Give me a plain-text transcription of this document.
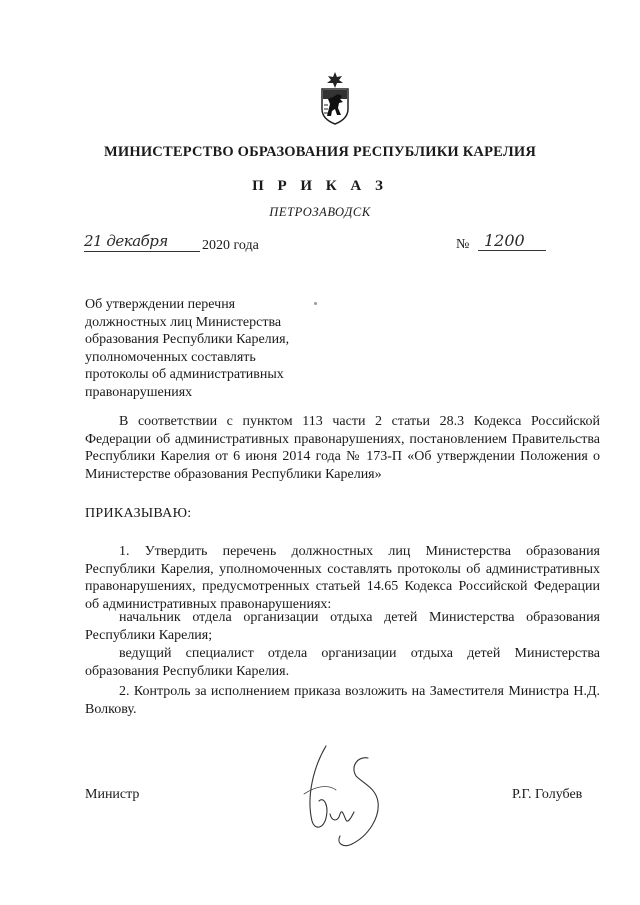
МИНИСТЕРСТВО ОБРАЗОВАНИЯ РЕСПУБЛИКИ КАРЕЛИЯ
П Р И К А З
ПЕТРОЗАВОДСК
21 декабря	2020 года	№ 1200
Об утверждении перечня
должностных лиц Министерства
образования Республики Карелия,
уполномоченных составлять
протоколы об административных
правонарушениях
В соответствии с пунктом 113 части 2 статьи 28.3 Кодекса Российской Федерации об административных правонарушениях, постановлением Правительства Республики Карелия от 6 июня 2014 года № 173-П «Об утверждении Положения о Министерстве образования Республики Карелия»
ПРИКАЗЫВАЮ:
1. Утвердить перечень должностных лиц Министерства образования Республики Карелия, уполномоченных составлять протоколы об административных правонарушениях, предусмотренных статьей 14.65 Кодекса Российской Федерации об административных правонарушениях:
начальник отдела организации отдыха детей Министерства образования Республики Карелия;
ведущий специалист отдела организации отдыха детей Министерства образования Республики Карелия.
2. Контроль за исполнением приказа возложить на Заместителя Министра Н.Д. Волкову.
Министр	Р.Г. Голубев
